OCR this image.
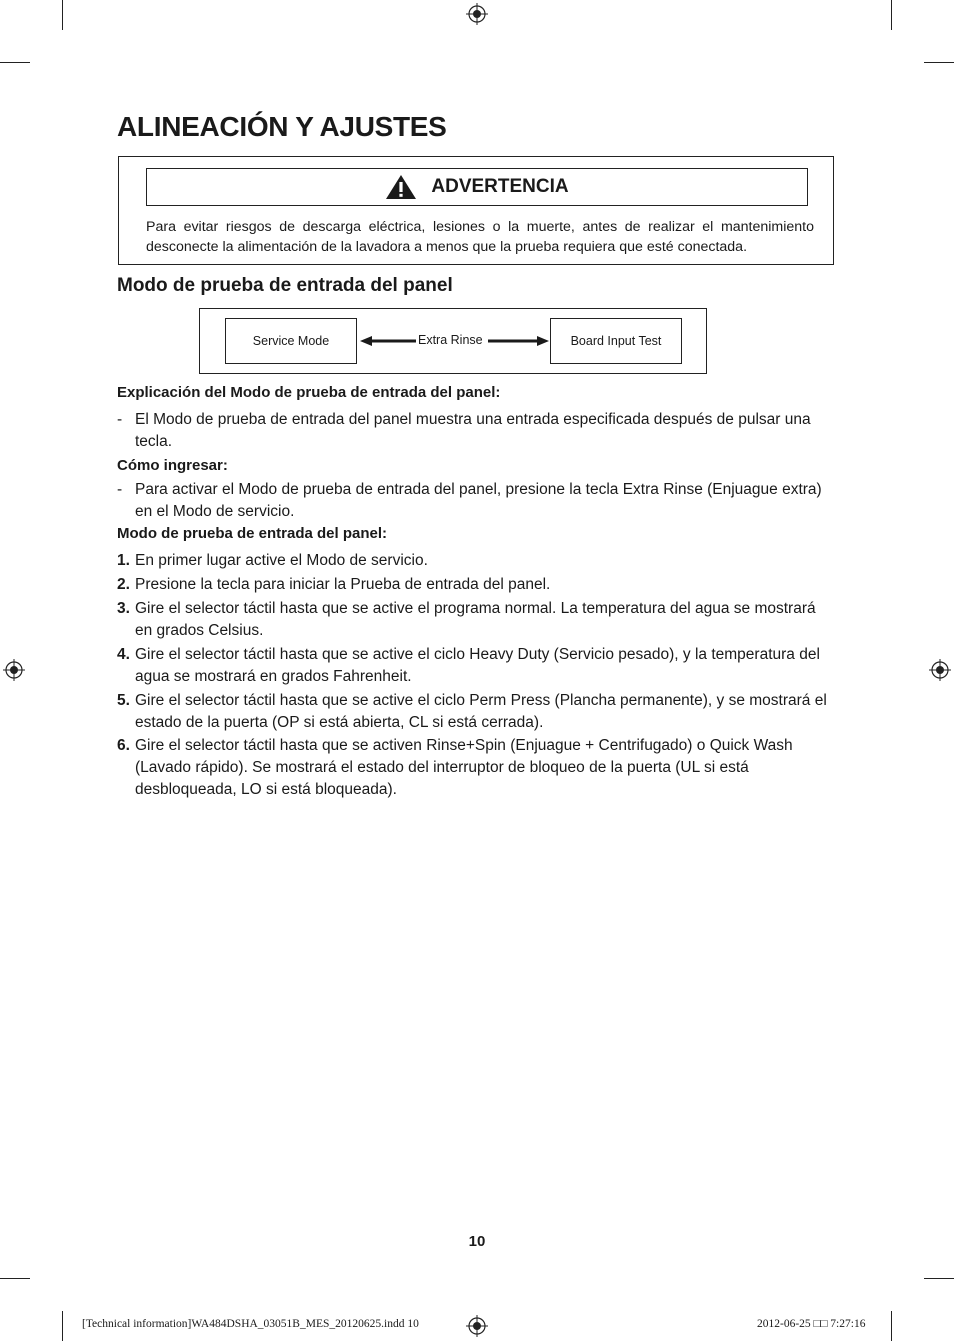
ALINEACIÓN Y AJUSTES
ADVERTENCIA
Para evitar riesgos de descarga eléctrica, lesiones o la muerte, antes de realizar el mantenimiento desconecte la alimentación de la lavadora a menos que la prueba requiera que esté conectada.
Modo de prueba de entrada del panel
Service Mode	Extra Rinse	Board Input Test

Explicación del Modo de prueba de entrada del panel:

- El Modo de prueba de entrada del panel muestra una entrada especificada después de pulsar una tecla.

Cómo ingresar:

- Para activar el Modo de prueba de entrada del panel, presione la tecla Extra Rinse (Enjuague extra) en el Modo de servicio.

Modo de prueba de entrada del panel:

1. En primer lugar active el Modo de servicio.
2. Presione la tecla para iniciar la Prueba de entrada del panel.
3. Gire el selector táctil hasta que se active el programa normal. La temperatura del agua se mostrará en grados Celsius.
4. Gire el selector táctil hasta que se active el ciclo Heavy Duty (Servicio pesado), y la temperatura del agua se mostrará en grados Fahrenheit.
5. Gire el selector táctil hasta que se active el ciclo Perm Press (Plancha permanente), y se mostrará el estado de la puerta (OP si está abierta, CL si está cerrada).
6. Gire el selector táctil hasta que se activen Rinse+Spin (Enjuague + Centrifugado) o Quick Wash (Lavado rápido). Se mostrará el estado del interruptor de bloqueo de la puerta (UL si está desbloqueada, LO si está bloqueada).
10
[Technical information]WA484DSHA_03051B_MES_20120625.indd 10	2012-06-25 □□ 7:27:16
